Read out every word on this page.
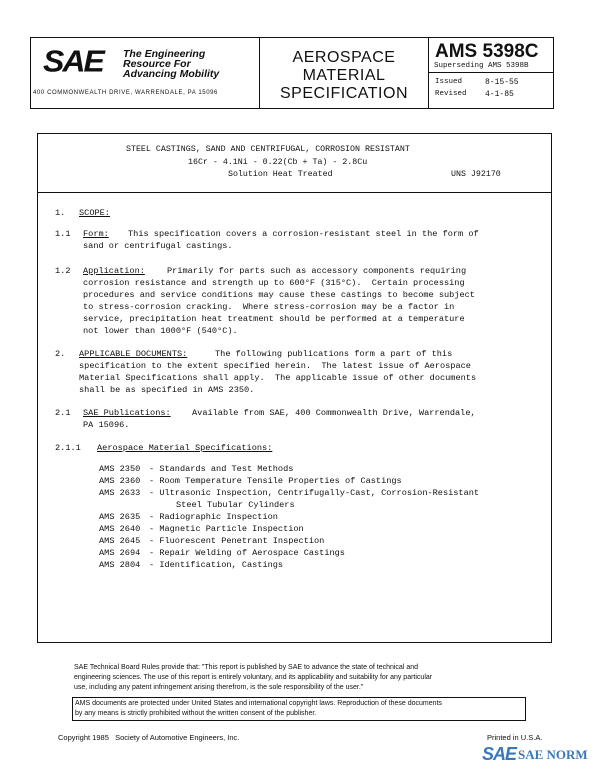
SAE The Engineering
Resource For
Advancing Mobility
400 COMMONWEALTH DRIVE, WARRENDALE, PA 15096
AEROSPACE
MATERIAL
SPECIFICATION
AMS 5398C
Superseding AMS 5398B
Issued	8-15-55
Revised 4-1-85
STEEL CASTINGS, SAND AND CENTRIFUGAL, CORROSION RESISTANT
16Cr - 4.1Ni - 0.22(Cb + Ta) - 2.8Cu
Solution Heat Treated	UNS J92170
1. SCOPE:
1.1 Form: This specification covers a corrosion-resistant steel in the form of
sand or centrifugal castings.
1.2 Application:	Primarily for parts such as accessory components requiring
corrosion resistance and strength up to 600°F (315°C).  Certain processing
procedures and service conditions may cause these castings to become subject
to stress-corrosion cracking.  Where stress-corrosion may be a factor in
service, precipitation heat treatment should be performed at a temperature
not lower than 1000°F (540°C).
2. APPLICABLE DOCUMENTS:	The following publications form a part of this
specification to the extent specified herein.  The latest issue of Aerospace
Material Specifications shall apply.  The applicable issue of other documents
shall be as specified in AMS 2350.
2.1 SAE Publications: Available from SAE, 400 Commonwealth Drive, Warrendale,
PA 15096.
2.1.1 Aerospace Material Specifications:
AMS 2350 - Standards and Test Methods
AMS 2360 - Room Temperature Tensile Properties of Castings
AMS 2633 - Ultrasonic Inspection, Centrifugally-Cast, Corrosion-Resistant
Steel Tubular Cylinders
AMS 2635 - Radiographic Inspection
AMS 2640 - Magnetic Particle Inspection
AMS 2645 - Fluorescent Penetrant Inspection
AMS 2694 - Repair Welding of Aerospace Castings
AMS 2804 - Identification, Castings
SAE Technical Board Rules provide that: "This report is published by SAE to advance the state of technical and
engineering sciences. The use of this report is entirely voluntary, and its applicability and suitability for any particular
use, including any patent infringement arising therefrom, is the sole responsibility of the user."
AMS documents are protected under United States and international copyright laws. Reproduction of these documents
by any means is strictly prohibited without the written consent of the publisher.
Copyright 1985   Society of Automotive Engineers, Inc.	Printed in U.S.A.
SAE SAE NORM
